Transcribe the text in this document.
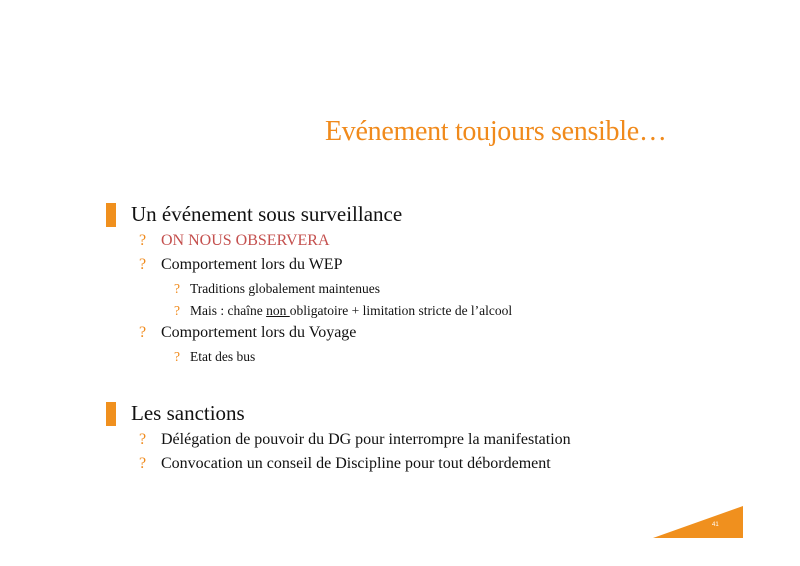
Evénement toujours sensible…
Un événement sous surveillance
? ON NOUS OBSERVERA
? Comportement lors du WEP
? Traditions globalement maintenues
? Mais : chaîne non obligatoire + limitation stricte de l’alcool
? Comportement lors du Voyage
? Etat des bus
Les sanctions
? Délégation de pouvoir du DG pour interrompre la manifestation
? Convocation un conseil de Discipline pour tout débordement
41
